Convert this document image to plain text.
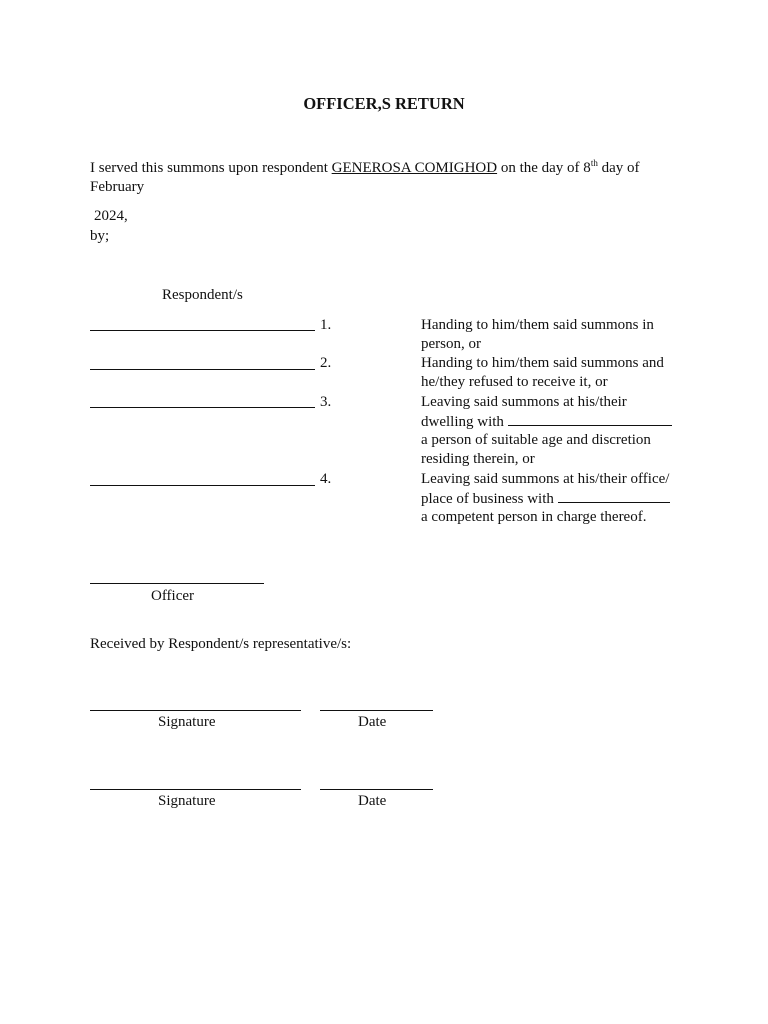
OFFICER,S RETURN
I served this summons upon respondent GENEROSA COMIGHOD on the day of 8th day of
February
2024,
by;
Respondent/s
1.	Handing to him/them said summons in
person, or
2.	Handing to him/them said summons and
he/they refused to receive it, or
3.	Leaving said summons at his/their
dwelling with
a person of suitable age and discretion
residing therein, or
4.	Leaving said summons at his/their office/
place of business with
a competent person in charge thereof.
Officer
Received by Respondent/s representative/s:
Signature	Date
Signature	Date
